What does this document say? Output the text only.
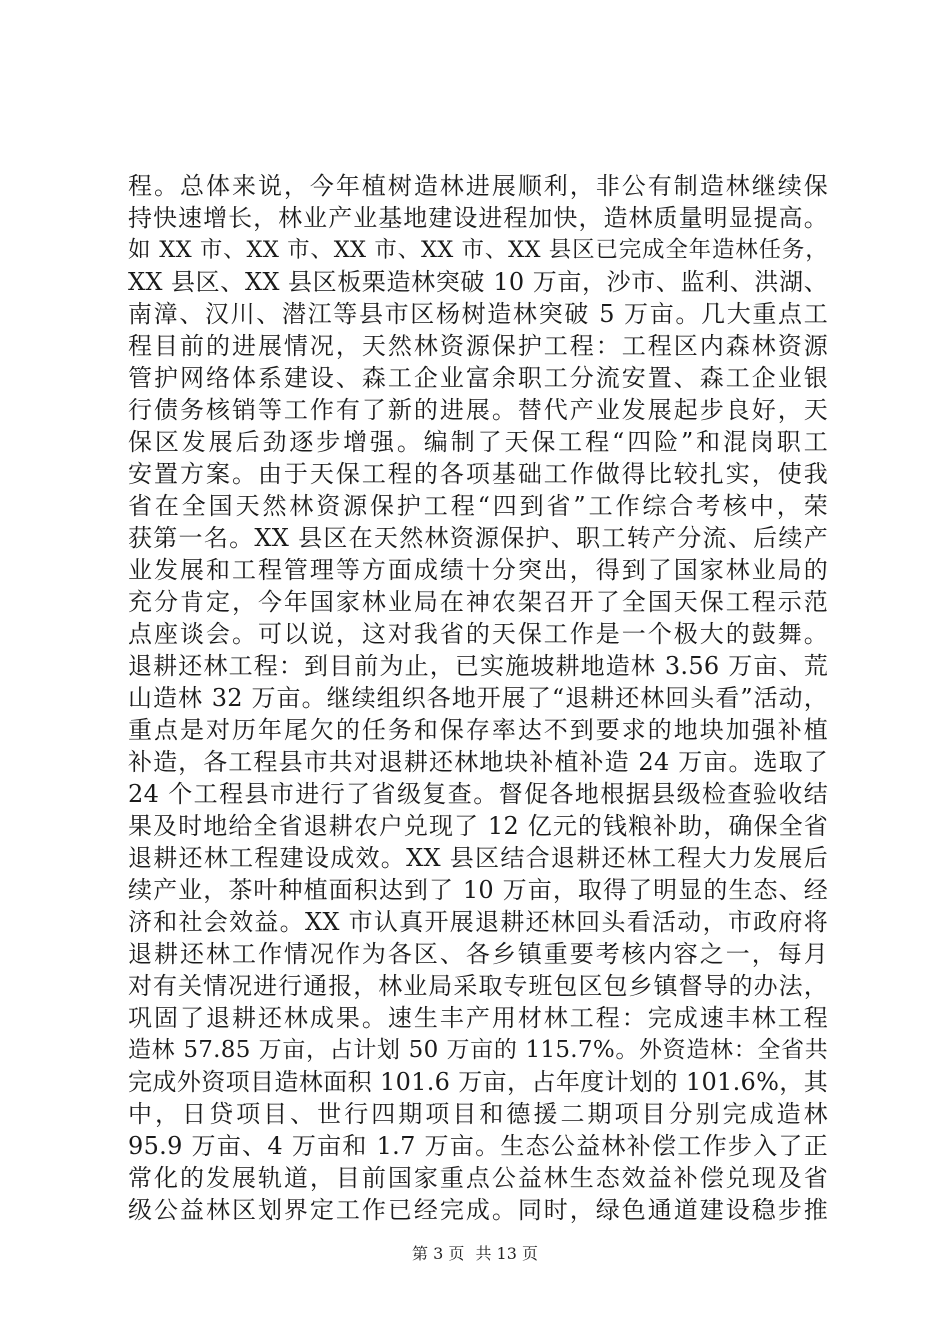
程。总体来说，今年植树造林进展顺利，非公有制造林继续保
持快速增长，林业产业基地建设进程加快，造林质量明显提高。
如 XX 市、XX 市、XX 市、XX 市、XX 县区已完成全年造林任务，
XX 县区、XX 县区板栗造林突破 10 万亩，沙市、监利、洪湖、
南漳、汉川、潜江等县市区杨树造林突破 5 万亩。几大重点工
程目前的进展情况，天然林资源保护工程：工程区内森林资源
管护网络体系建设、森工企业富余职工分流安置、森工企业银
行债务核销等工作有了新的进展。替代产业发展起步良好，天
保区发展后劲逐步增强。编制了天保工程“四险”和混岗职工
安置方案。由于天保工程的各项基础工作做得比较扎实，使我
省在全国天然林资源保护工程“四到省”工作综合考核中，荣
获第一名。XX 县区在天然林资源保护、职工转产分流、后续产
业发展和工程管理等方面成绩十分突出，得到了国家林业局的
充分肯定，今年国家林业局在神农架召开了全国天保工程示范
点座谈会。可以说，这对我省的天保工作是一个极大的鼓舞。
退耕还林工程：到目前为止，已实施坡耕地造林 3.56 万亩、荒
山造林 32 万亩。继续组织各地开展了“退耕还林回头看”活动，
重点是对历年尾欠的任务和保存率达不到要求的地块加强补植
补造，各工程县市共对退耕还林地块补植补造 24 万亩。选取了
24 个工程县市进行了省级复查。督促各地根据县级检查验收结
果及时地给全省退耕农户兑现了 12 亿元的钱粮补助，确保全省
退耕还林工程建设成效。XX 县区结合退耕还林工程大力发展后
续产业，茶叶种植面积达到了 10 万亩，取得了明显的生态、经
济和社会效益。XX 市认真开展退耕还林回头看活动，市政府将
退耕还林工作情况作为各区、各乡镇重要考核内容之一，每月
对有关情况进行通报，林业局采取专班包区包乡镇督导的办法，
巩固了退耕还林成果。速生丰产用材林工程：完成速丰林工程
造林 57.85 万亩，占计划 50 万亩的 115.7%。外资造林：全省共
完成外资项目造林面积 101.6 万亩，占年度计划的 101.6%，其
中，日贷项目、世行四期项目和德援二期项目分别完成造林
95.9 万亩、4 万亩和 1.7 万亩。生态公益林补偿工作步入了正
常化的发展轨道，目前国家重点公益林生态效益补偿兑现及省
级公益林区划界定工作已经完成。同时，绿色通道建设稳步推
第 3 页 共 13 页
